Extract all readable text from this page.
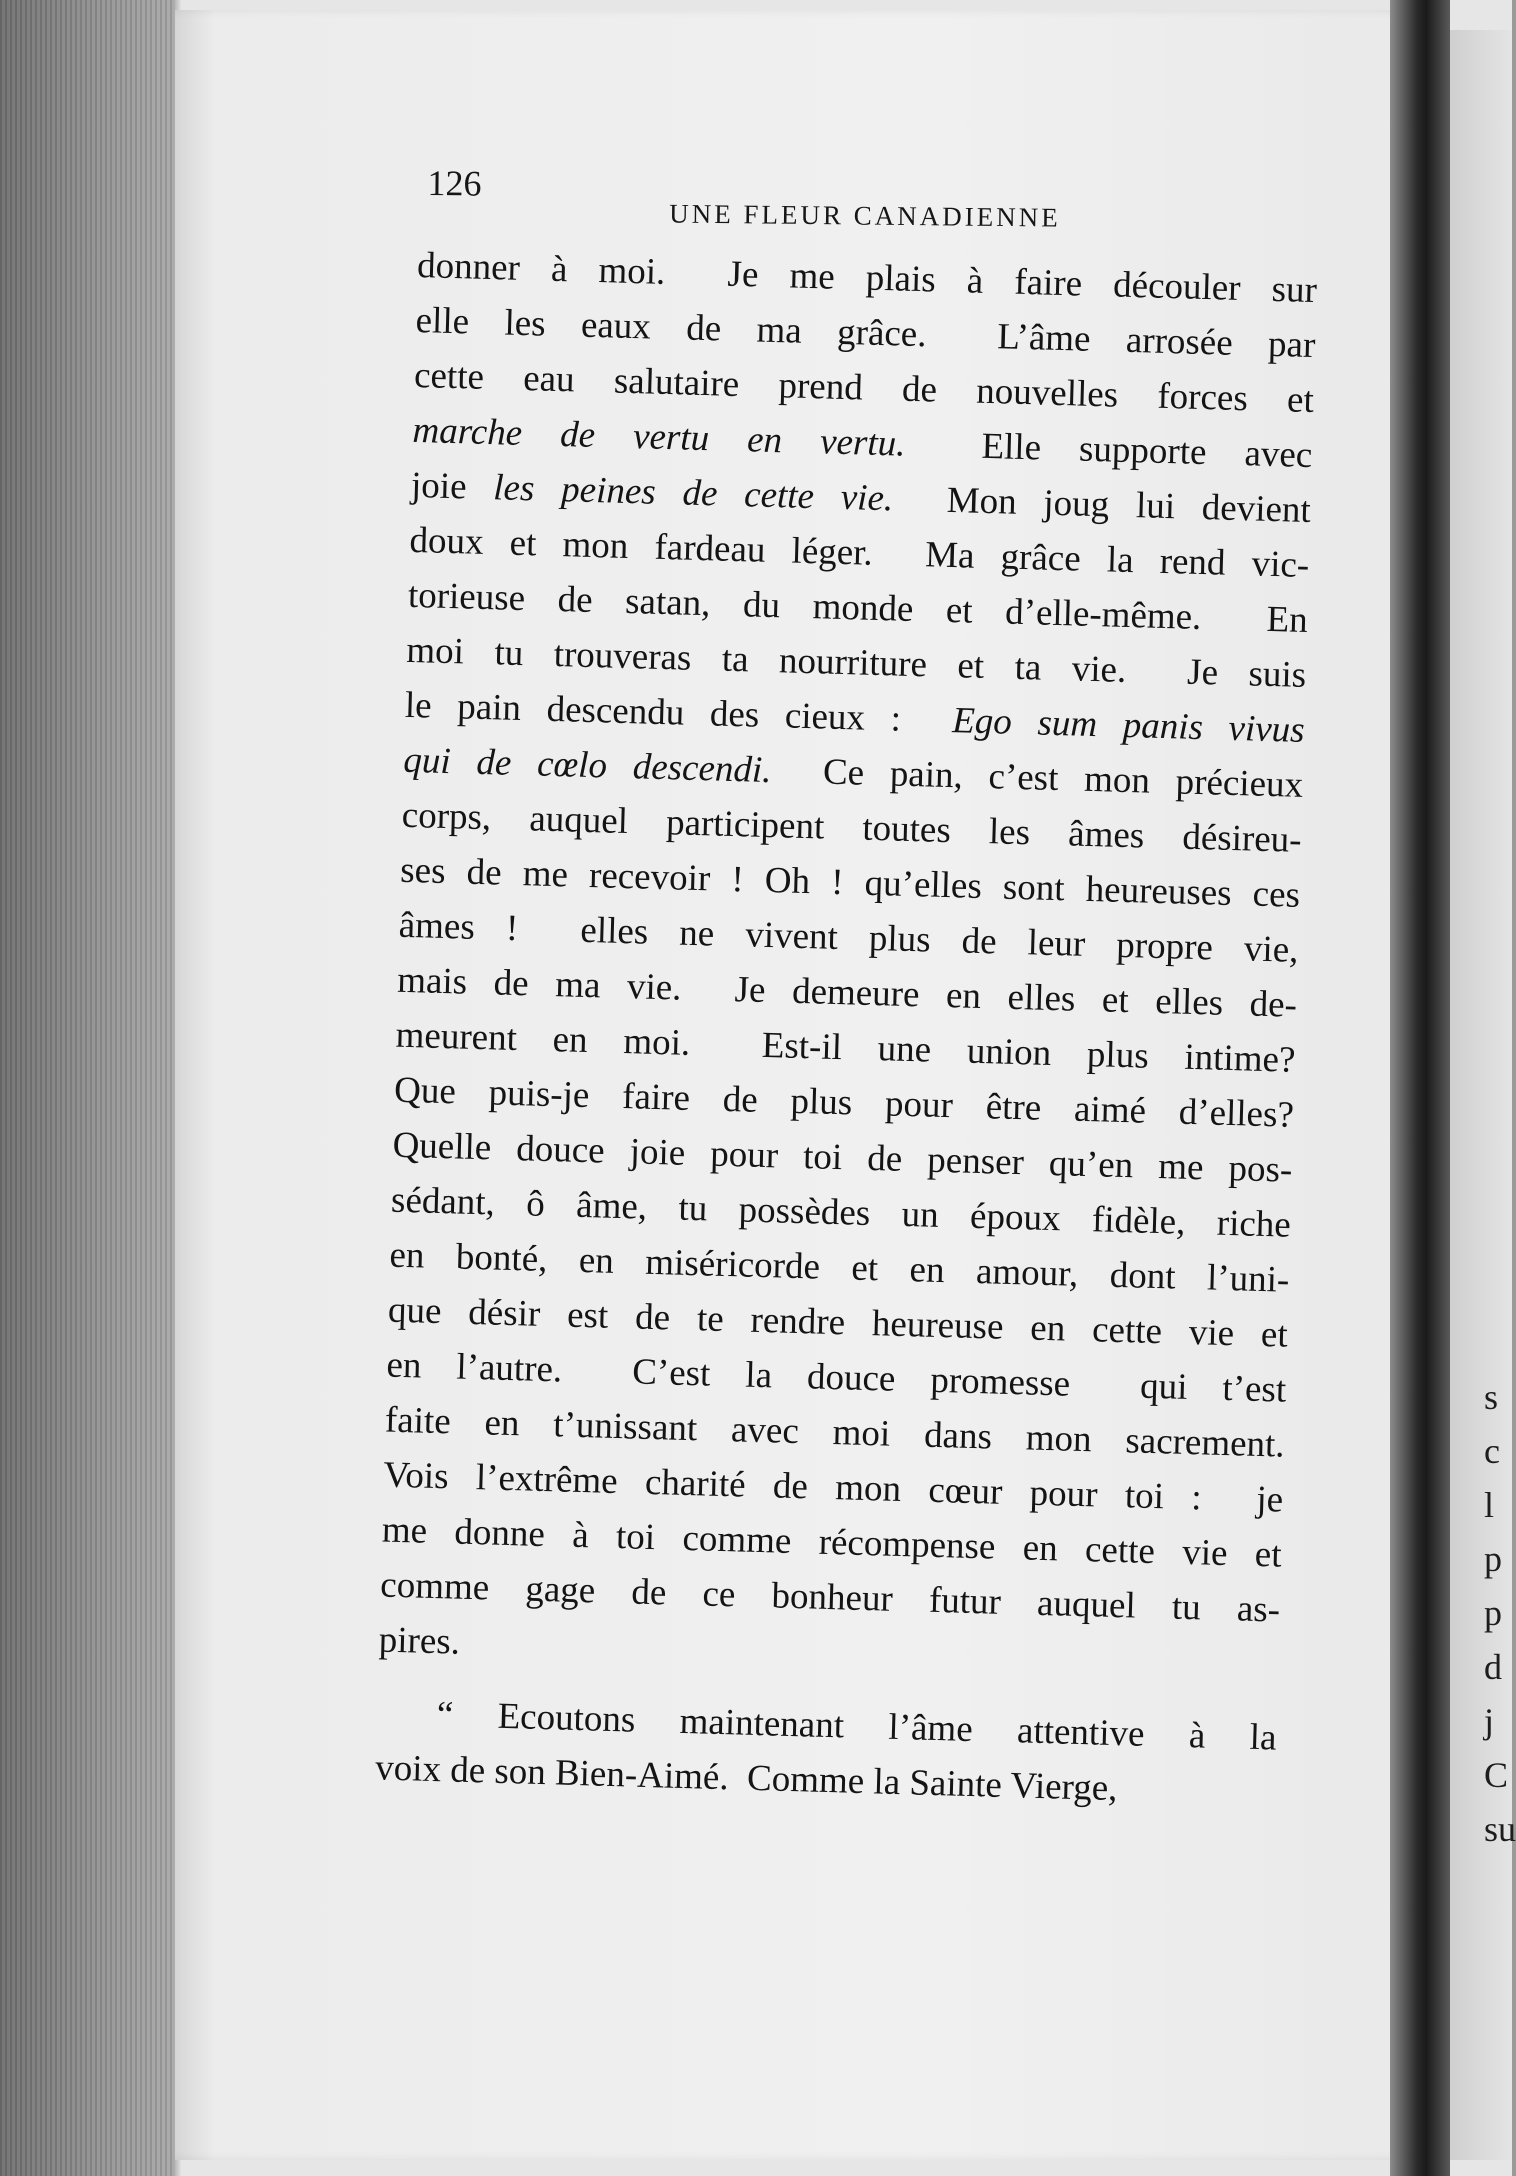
126
UNE FLEUR CANADIENNE
donner à moi.  Je me plais à faire découler sur
elle les eaux de ma grâce.  L’âme arrosée par
cette eau salutaire prend de nouvelles forces et
marche de vertu en vertu.  Elle supporte avec
joie les peines de cette vie.  Mon joug lui devient
doux et mon fardeau léger.  Ma grâce la rend vic-
torieuse de satan, du monde et d’elle-même.  En
moi tu trouveras ta nourriture et ta vie.  Je suis
le pain descendu des cieux :  Ego sum panis vivus
qui de cœlo descendi.  Ce pain, c’est mon précieux
corps, auquel participent toutes les âmes désireu-
ses de me recevoir ! Oh ! qu’elles sont heureuses ces
âmes !  elles ne vivent plus de leur propre vie,
mais de ma vie.  Je demeure en elles et elles de-
meurent en moi.  Est-il une union plus intime?
Que puis-je faire de plus pour être aimé d’elles?
Quelle douce joie pour toi de penser qu’en me pos-
sédant, ô âme, tu possèdes un époux fidèle, riche
en bonté, en miséricorde et en amour, dont l’uni-
que désir est de te rendre heureuse en cette vie et
en l’autre.  C’est la douce promesse  qui t’est
faite en t’unissant avec moi dans mon sacrement.
Vois l’extrême charité de mon cœur pour toi :  je
me donne à toi comme récompense en cette vie et
comme gage de ce bonheur futur auquel tu as-
pires.
“ Ecoutons maintenant l’âme attentive à la
voix de son Bien-Aimé.  Comme la Sainte Vierge,
s
c
l
p
p
d
j
C
su
